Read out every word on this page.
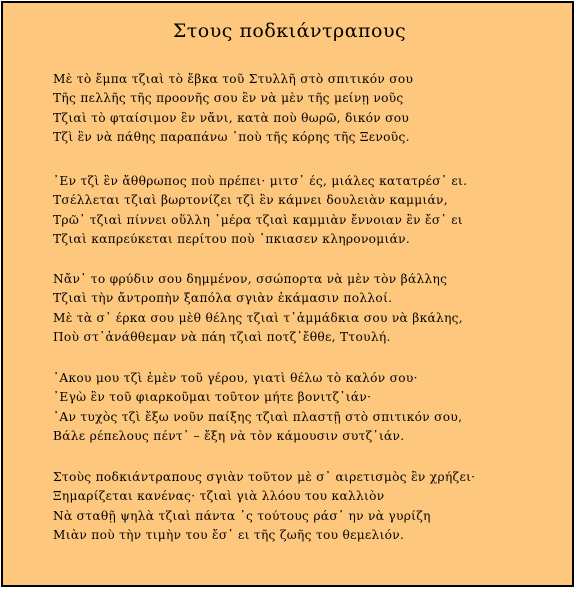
Στους ποδκιάντραπους
Μὲ τὸ ἔμπα τζιαὶ τὸ ἔβκα τοῦ Στυλλῆ στὸ σπιτικόν σου
Τῆς πελλῆς τῆς προονῆς σου ἒν νὰ μὲν τῆς μείνῃ νοῦς
Τζιαὶ τὸ φταίσιμον ἒν νἄνι, κατὰ ποὺ θωρῶ, δικόν σου
Τζὶ ἒν νὰ πάθης παραπάνω ᾽ποὺ τῆς κόρης τῆς Ξενοῦς.
᾽Εν τζὶ ἒν ἄθθρωπος ποὺ πρέπει· μιτσ᾽ ές, μιάλες κατατρέσ᾽ ει.
Τσέλλεται τζιαὶ βωρτονίζει τζὶ ἒν κάμνει δουλειὰν καμμιάν,
Τρῶ᾽ τζιαὶ πίννει οὕλλη ᾽μέρα τζιαὶ καμμιὰν ἔννοιαν ἒν ἔσ᾽ ει
Τζιαὶ καπρεύκεται περίτου ποὺ ᾽πκιασεν κληρονομιάν.
Νἄν᾽ το φρύδιν σου δημμένον, σσώπορτα νὰ μὲν τὸν βάλλης
Τζιαὶ τὴν ἄντροπὴν ξαπόλα σγιὰν ἐκάμασιν πολλοί.
Μὲ τὰ σ᾽ έρκα σου μὲθ θέλης τζιαὶ τ᾽ἀμμάδκια σου νὰ βκάλης,
Ποὺ στ᾽ἀνάθθεμαν νὰ πάη τζιαὶ ποτζ᾽ἔθθε, Ττουλή.
᾽Ακου μου τζὶ ἐμὲν τοῦ γέρου, γιατὶ θέλω τὸ καλόν σου·
᾽Εγὼ ἒν τοῦ φιαρκοῦμαι τοῦτον μήτε βονιτζ᾽ιάν·
᾽Αν τυχὸς τζὶ ἔξω νοῦν παίξης τζιαὶ πλαστῇ στὸ σπιτικόν σου,
Βάλε ρέπελους πέντ᾽ – ἔξη νὰ τὸν κάμουσιν συτζ᾽ιάν.
Στοὺς ποδκιάντραπους σγιὰν τοῦτον μὲ σ᾽ αιρετισμὸς ἒν χρήζει·
Ξημαρίζεται κανένας· τζιαὶ γιὰ λλόου του καλλιὸν
Νὰ σταθῇ ψηλὰ τζιαὶ πάντα ᾽ς τούτους ράσ᾽ ην νὰ γυρίζη
Μιὰν ποὺ τὴν τιμὴν του ἔσ᾽ ει τῆς ζωῆς του θεμελιόν.
